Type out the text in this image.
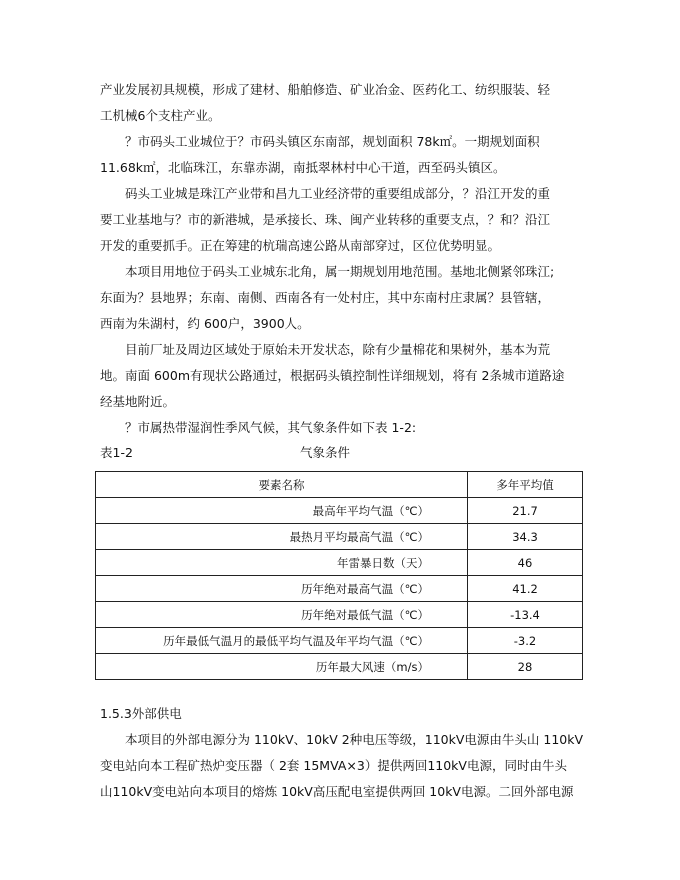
产业发展初具规模，形成了建材、船舶修造、矿业冶金、医药化工、纺织服装、轻
工机械6个支柱产业。
？市码头工业城位于？市码头镇区东南部，规划面积 78k㎡。一期规划面积
11.68k㎡，北临珠江，东靠赤湖，南抵翠林村中心干道，西至码头镇区。
码头工业城是珠江产业带和昌九工业经济带的重要组成部分，？沿江开发的重
要工业基地与？市的新港城，是承接长、珠、闽产业转移的重要支点，？和？沿江
开发的重要抓手。正在筹建的杭瑞高速公路从南部穿过，区位优势明显。
本项目用地位于码头工业城东北角，属一期规划用地范围。基地北侧紧邻珠江;
东面为？县地界；东南、南侧、西南各有一处村庄，其中东南村庄隶属？县管辖，
西南为朱湖村，约 600户，3900人。
目前厂址及周边区域处于原始未开发状态，除有少量棉花和果树外，基本为荒
地。南面 600m有现状公路通过，根据码头镇控制性详细规划，将有 2条城市道路途
经基地附近。
？市属热带湿润性季风气候，其气象条件如下表 1-2:
表1-2	气象条件
要素名称	多年平均值
最高年平均气温（℃）	21.7
最热月平均最高气温（℃）	34.3
年雷暴日数（天）	46
历年绝对最高气温（℃）	41.2
历年绝对最低气温（℃）	-13.4
历年最低气温月的最低平均气温及年平均气温（℃）	-3.2
历年最大风速（m/s）	28
1.5.3外部供电
本项目的外部电源分为 110kV、10kV 2种电压等级，110kV电源由牛头山 110kV
变电站向本工程矿热炉变压器（ 2套 15MVA×3）提供两回110kV电源，同时由牛头
山110kV变电站向本项目的熔炼 10kV高压配电室提供两回 10kV电源。二回外部电源
